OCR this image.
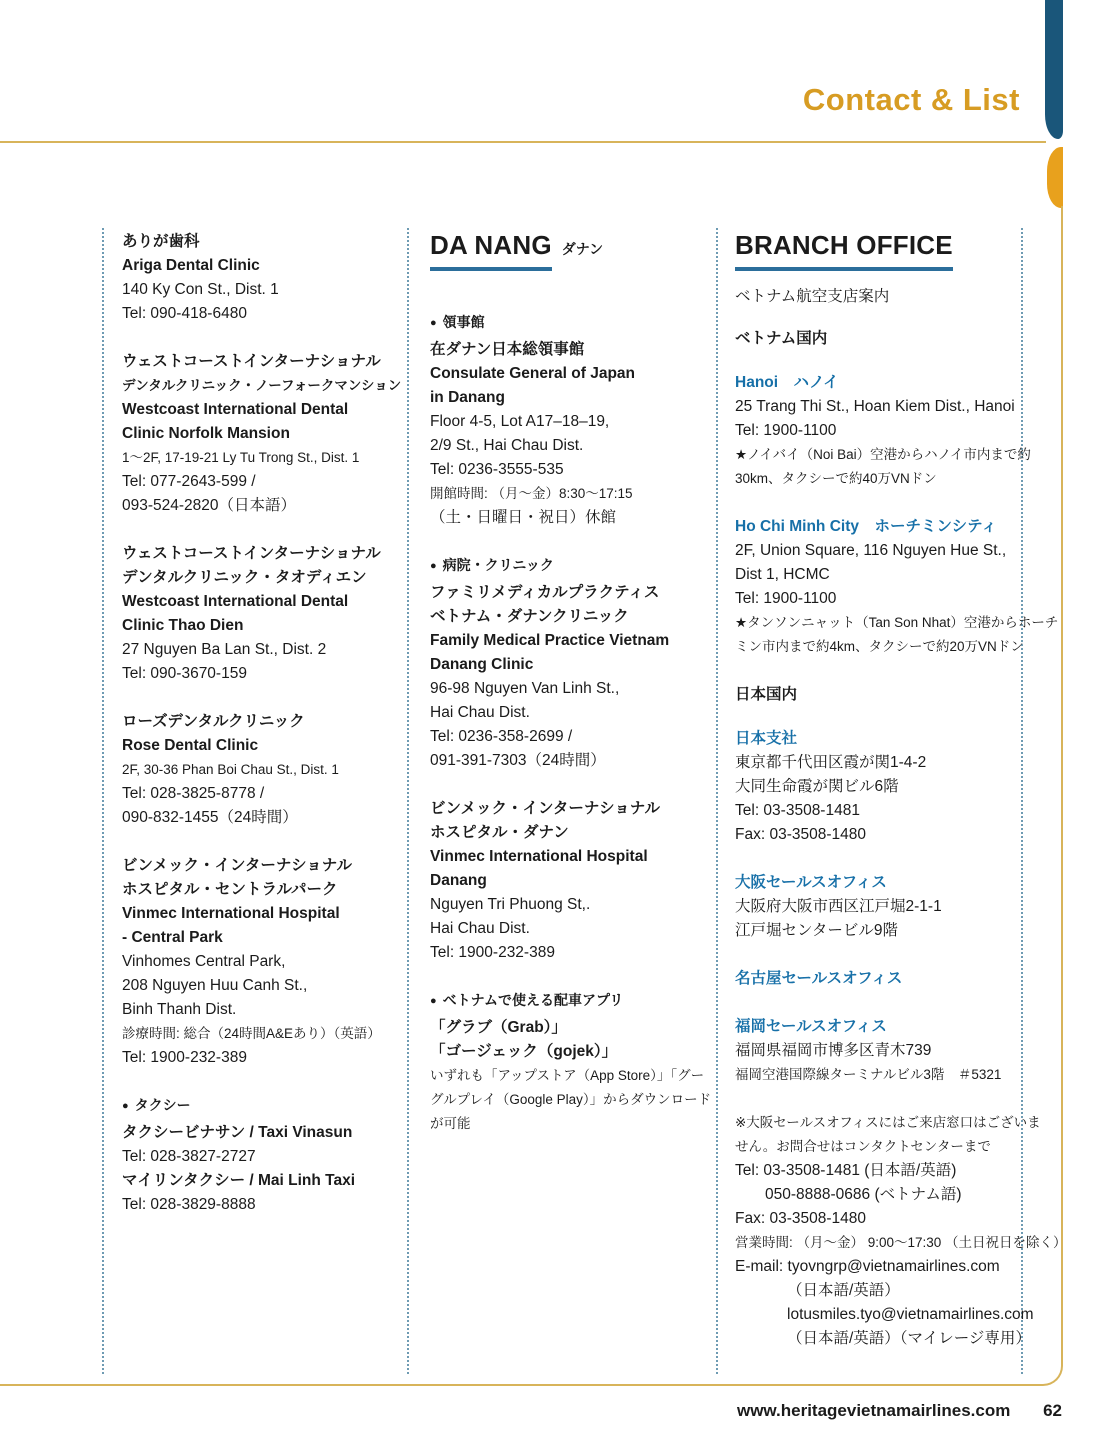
Contact & List
ありが歯科
Ariga Dental Clinic
140 Ky Con St., Dist. 1
Tel: 090-418-6480
ウェストコーストインターナショナル
デンタルクリニック・ノーフォークマンション
Westcoast International Dental
Clinic Norfolk Mansion
1〜2F, 17-19-21 Ly Tu Trong St., Dist. 1
Tel: 077-2643-599 /
093-524-2820（日本語）
ウェストコーストインターナショナル
デンタルクリニック・タオディエン
Westcoast International Dental
Clinic Thao Dien
27 Nguyen Ba Lan St., Dist. 2
Tel: 090-3670-159
ローズデンタルクリニック
Rose Dental Clinic
2F, 30-36 Phan Boi Chau St., Dist. 1
Tel: 028-3825-8778 /
090-832-1455（24時間）
ビンメック・インターナショナル
ホスピタル・セントラルパーク
Vinmec International Hospital
- Central Park
Vinhomes Central Park,
208 Nguyen Huu Canh St.,
Binh Thanh Dist.
診療時間: 総合（24時間A&Eあり）（英語）
Tel: 1900-232-389
● タクシー
タクシービナサン / Taxi Vinasun
Tel: 028-3827-2727
マイリンタクシー / Mai Linh Taxi
Tel: 028-3829-8888
DA NANG ダナン
● 領事館
在ダナン日本総領事館
Consulate General of Japan
in Danang
Floor 4-5, Lot A17–18–19,
2/9 St., Hai Chau Dist.
Tel: 0236-3555-535
開館時間: （月〜金）8:30〜17:15
（土・日曜日・祝日）休館
● 病院・クリニック
ファミリメディカルプラクティス
ベトナム・ダナンクリニック
Family Medical Practice Vietnam
Danang Clinic
96-98 Nguyen Van Linh St.,
Hai Chau Dist.
Tel: 0236-358-2699 /
091-391-7303（24時間）
ビンメック・インターナショナル
ホスピタル・ダナン
Vinmec International Hospital
Danang
Nguyen Tri Phuong St,.
Hai Chau Dist.
Tel: 1900-232-389
● ベトナムで使える配車アプリ
「グラブ（Grab）」
「ゴージェック（gojek）」
いずれも「アップストア（App Store）」「グー
グルプレイ（Google Play）」からダウンロード
が可能
BRANCH OFFICE
ベトナム航空支店案内
ベトナム国内
Hanoi　ハノイ
25 Trang Thi St., Hoan Kiem Dist., Hanoi
Tel: 1900-1100
★ノイバイ（Noi Bai）空港からハノイ市内まで約
30km、タクシーで約40万VNドン
Ho Chi Minh City　ホーチミンシティ
2F, Union Square, 116 Nguyen Hue St.,
Dist 1, HCMC
Tel: 1900-1100
★タンソンニャット（Tan Son Nhat）空港からホーチ
ミン市内まで約4km、タクシーで約20万VNドン
日本国内
日本支社
東京都千代田区霞が関1-4-2
大同生命霞が関ビル6階
Tel: 03-3508-1481
Fax: 03-3508-1480
大阪セールスオフィス
大阪府大阪市西区江戸堀2-1-1
江戸堀センタービル9階
名古屋セールスオフィス
福岡セールスオフィス
福岡県福岡市博多区青木739
福岡空港国際線ターミナルビル3階　＃5321
※大阪セールスオフィスにはご来店窓口はございま
せん。お問合せはコンタクトセンターまで
Tel: 03-3508-1481 (日本語/英語)
050-8888-0686 (ベトナム語)
Fax: 03-3508-1480
営業時間: （月〜金） 9:00〜17:30 （土日祝日を除く）
E-mail: tyovngrp@vietnamairlines.com
（日本語/英語）
lotusmiles.tyo@vietnamairlines.com
（日本語/英語）（マイレージ専用）
www.heritagevietnamairlines.com 62
